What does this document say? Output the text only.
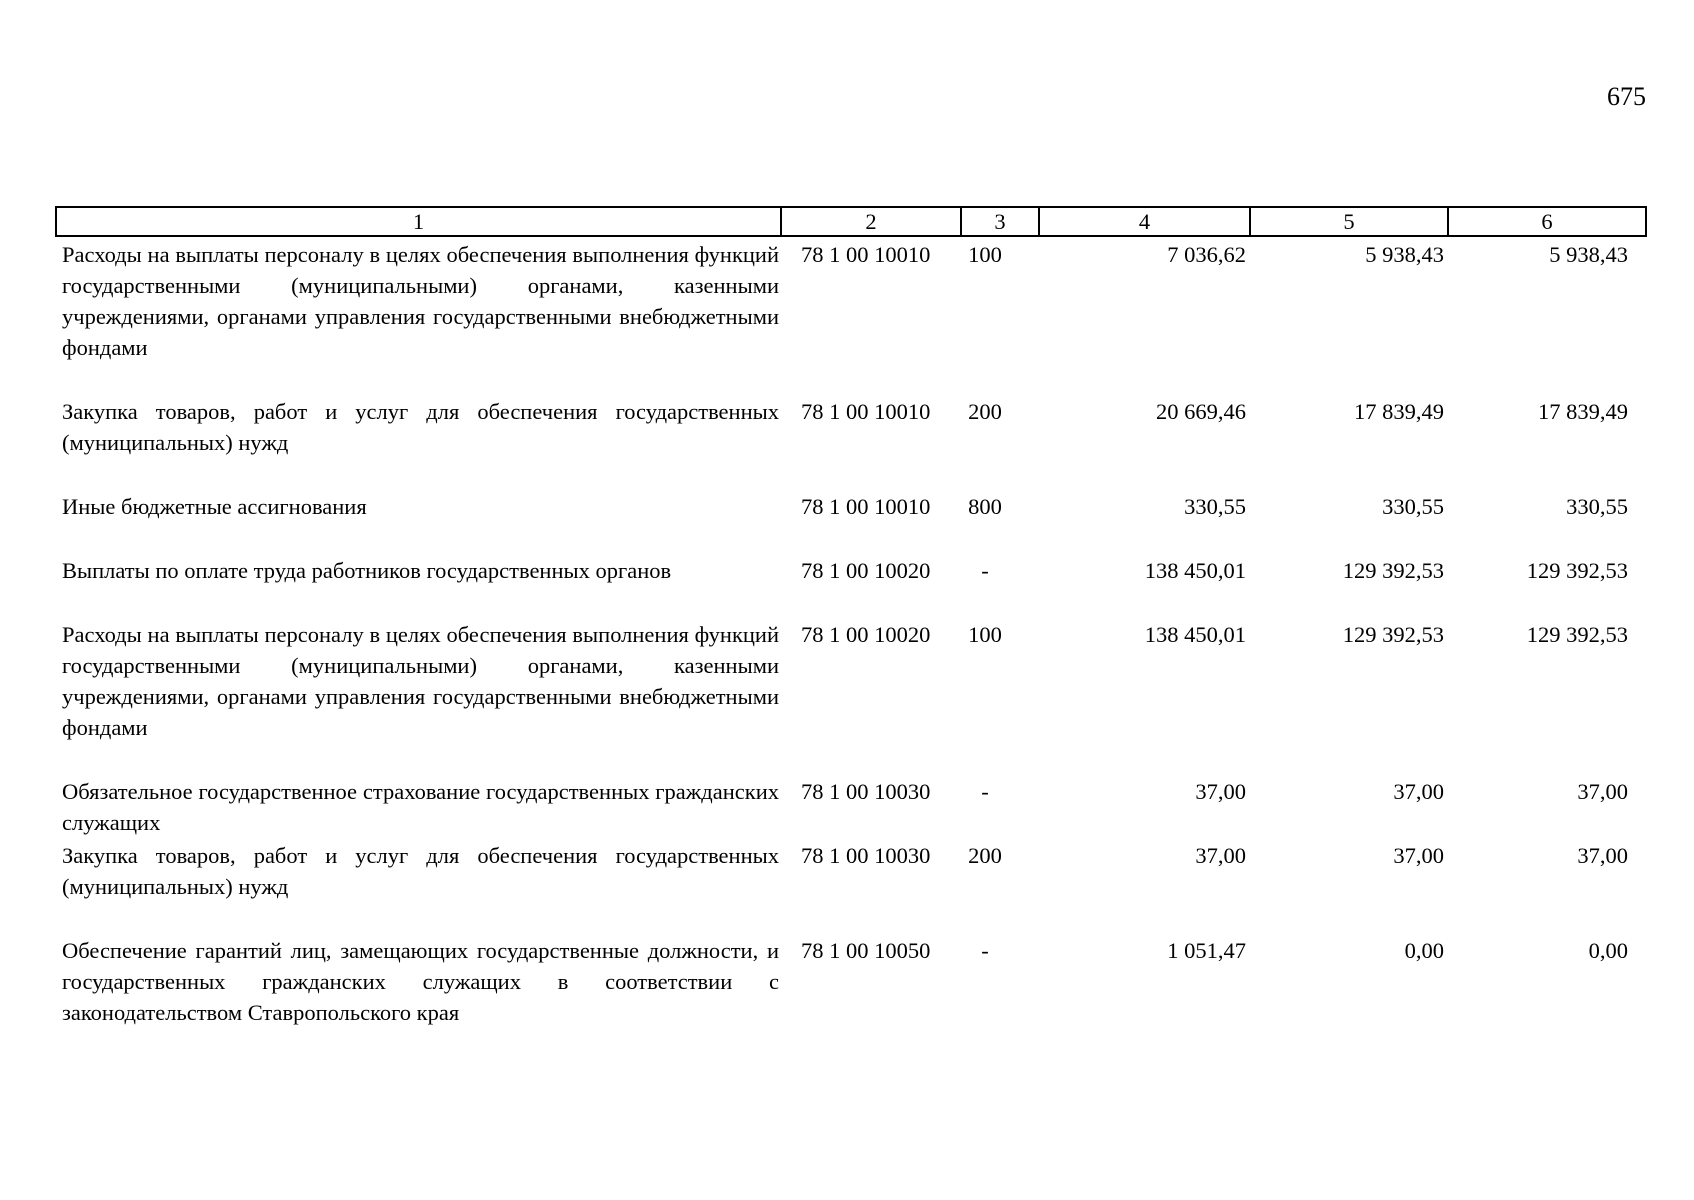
675
1	2	3	4	5	6
Расходы на выплаты персоналу в целях обеспечения выполнения функций государственными (муниципальными) органами, казенными учреждениями, органами управления государственными внебюджетными фондами	78 1 00 10010	100	7 036,62	5 938,43	5 938,43
Закупка товаров, работ и услуг для обеспечения государственных (муниципальных) нужд	78 1 00 10010	200	20 669,46	17 839,49	17 839,49
Иные бюджетные ассигнования	78 1 00 10010	800	330,55	330,55	330,55
Выплаты по оплате труда работников государственных органов	78 1 00 10020	-	138 450,01	129 392,53	129 392,53
Расходы на выплаты персоналу в целях обеспечения выполнения функций государственными (муниципальными) органами, казенными учреждениями, органами управления государственными внебюджетными фондами	78 1 00 10020	100	138 450,01	129 392,53	129 392,53
Обязательное государственное страхование государственных гражданских служащих	78 1 00 10030	-	37,00	37,00	37,00
Закупка товаров, работ и услуг для обеспечения государственных (муниципальных) нужд	78 1 00 10030	200	37,00	37,00	37,00
Обеспечение гарантий лиц, замещающих государственные должности, и государственных гражданских служащих в соответствии с законодательством Ставропольского края	78 1 00 10050	-	1 051,47	0,00	0,00
